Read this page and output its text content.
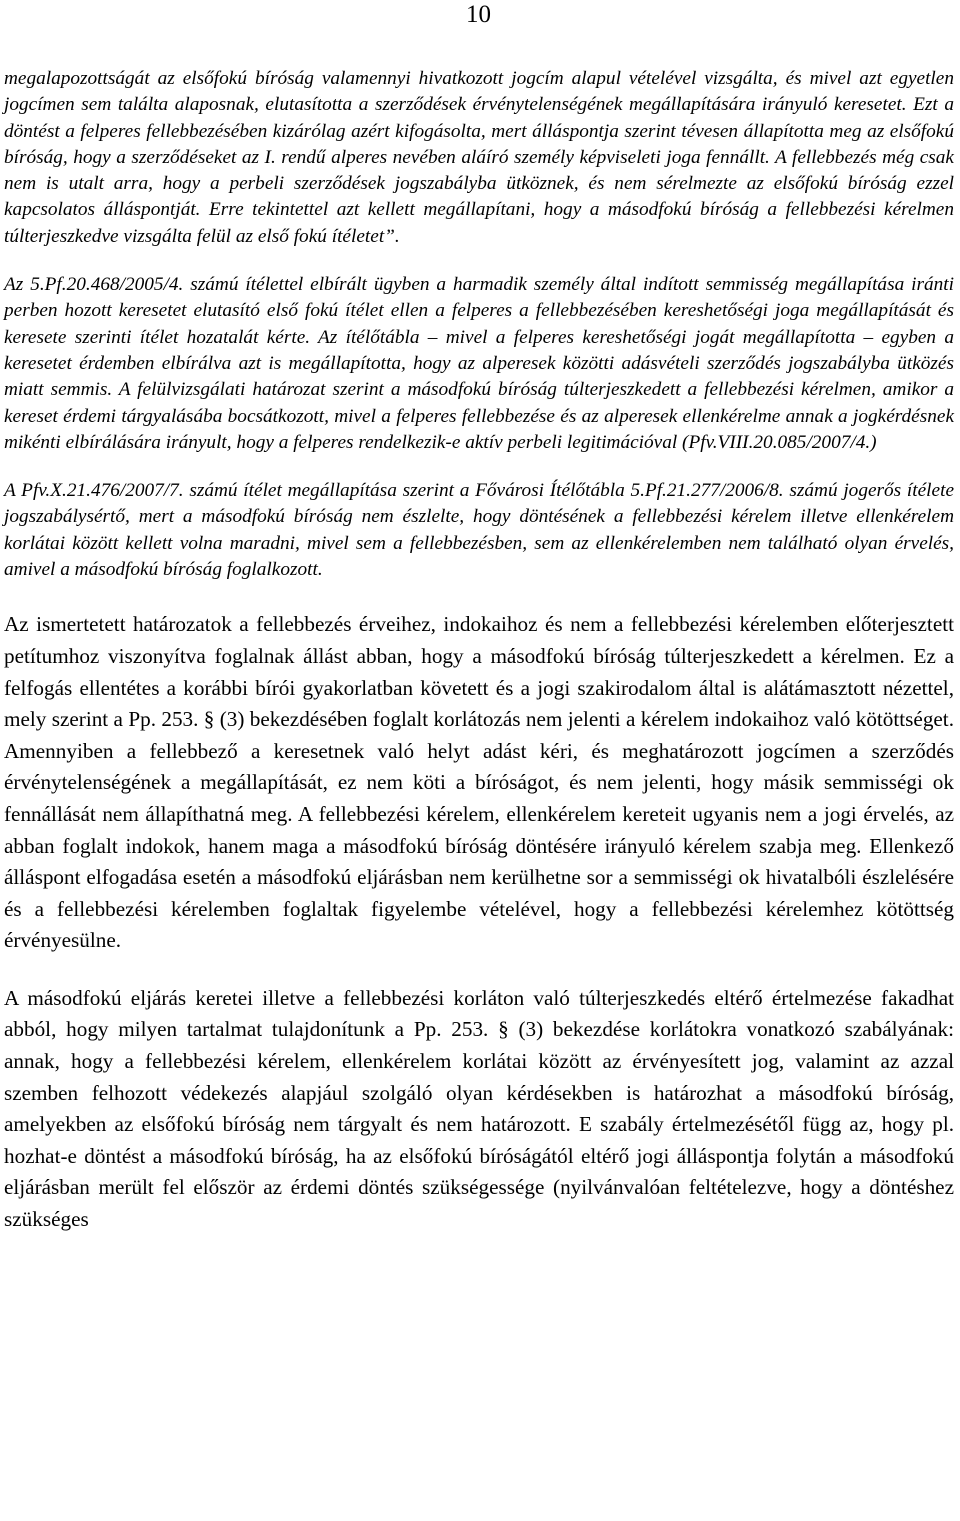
10

megalapozottságát az elsőfokú bíróság valamennyi hivatkozott jogcím alapul vételével vizsgálta, és mivel azt egyetlen jogcímen sem találta alaposnak, elutasította a szerződések érvénytelenségének megállapítására irányuló keresetet. Ezt a döntést a felperes fellebbezésében kizárólag azért kifogásolta, mert álláspontja szerint tévesen állapította meg az elsőfokú bíróság, hogy a szerződéseket az I. rendű alperes nevében aláíró személy képviseleti joga fennállt. A fellebbezés még csak nem is utalt arra, hogy a perbeli szerződések jogszabályba ütköznek, és nem sérelmezte az elsőfokú bíróság ezzel kapcsolatos álláspontját. Erre tekintettel azt kellett megállapítani, hogy a másodfokú bíróság a fellebbezési kérelmen túlterjeszkedve vizsgálta felül az első fokú ítéletet”.

Az 5.Pf.20.468/2005/4. számú ítélettel elbírált ügyben a harmadik személy által indított semmisség megállapítása iránti perben hozott keresetet elutasító első fokú ítélet ellen a felperes a fellebbezésében kereshetőségi joga megállapítását és keresete szerinti ítélet hozatalát kérte. Az ítélőtábla – mivel a felperes kereshetőségi jogát megállapította – egyben a keresetet érdemben elbírálva azt is megállapította, hogy az alperesek közötti adásvételi szerződés jogszabályba ütközés miatt semmis. A felülvizsgálati határozat szerint a másodfokú bíróság túlterjeszkedett a fellebbezési kérelmen, amikor a kereset érdemi tárgyalásába bocsátkozott, mivel a felperes fellebbezése és az alperesek ellenkérelme annak a jogkérdésnek mikénti elbírálására irányult, hogy a felperes rendelkezik-e aktív perbeli legitimációval (Pfv.VIII.20.085/2007/4.)

A Pfv.X.21.476/2007/7. számú ítélet megállapítása szerint a Fővárosi Ítélőtábla 5.Pf.21.277/2006/8. számú jogerős ítélete jogszabálysértő, mert a másodfokú bíróság nem észlelte, hogy döntésének a fellebbezési kérelem illetve ellenkérelem korlátai között kellett volna maradni, mivel sem a fellebbezésben, sem az ellenkérelemben nem található olyan érvelés, amivel a másodfokú bíróság foglalkozott.

Az ismertetett határozatok a fellebbezés érveihez, indokaihoz és nem a fellebbezési kérelemben előterjesztett petítumhoz viszonyítva foglalnak állást abban, hogy a másodfokú bíróság túlterjeszkedett a kérelmen. Ez a felfogás ellentétes a korábbi bírói gyakorlatban követett és a jogi szakirodalom által is alátámasztott nézettel, mely szerint a Pp. 253. § (3) bekezdésében foglalt korlátozás nem jelenti a kérelem indokaihoz való kötöttséget. Amennyiben a fellebbező a keresetnek való helyt adást kéri, és meghatározott jogcímen a szerződés érvénytelenségének a megállapítását, ez nem köti a bíróságot, és nem jelenti, hogy másik semmisségi ok fennállását nem állapíthatná meg. A fellebbezési kérelem, ellenkérelem kereteit ugyanis nem a jogi érvelés, az abban foglalt indokok, hanem maga a másodfokú bíróság döntésére irányuló kérelem szabja meg. Ellenkező álláspont elfogadása esetén a másodfokú eljárásban nem kerülhetne sor a semmisségi ok hivatalbóli észlelésére és a fellebbezési kérelemben foglaltak figyelembe vételével, hogy a fellebbezési kérelemhez kötöttség érvényesülne.

A másodfokú eljárás keretei illetve a fellebbezési korláton való túlterjeszkedés eltérő értelmezése fakadhat abból, hogy milyen tartalmat tulajdonítunk a Pp. 253. § (3) bekezdése korlátokra vonatkozó szabályának: annak, hogy a fellebbezési kérelem, ellenkérelem korlátai között az érvényesített jog, valamint az azzal szemben felhozott védekezés alapjául szolgáló olyan kérdésekben is határozhat a másodfokú bíróság, amelyekben az elsőfokú bíróság nem tárgyalt és nem határozott. E szabály értelmezésétől függ az, hogy pl. hozhat-e döntést a másodfokú bíróság, ha az elsőfokú bíróságától eltérő jogi álláspontja folytán a másodfokú eljárásban merült fel először az érdemi döntés szükségessége (nyilvánvalóan feltételezve, hogy a döntéshez szükséges
